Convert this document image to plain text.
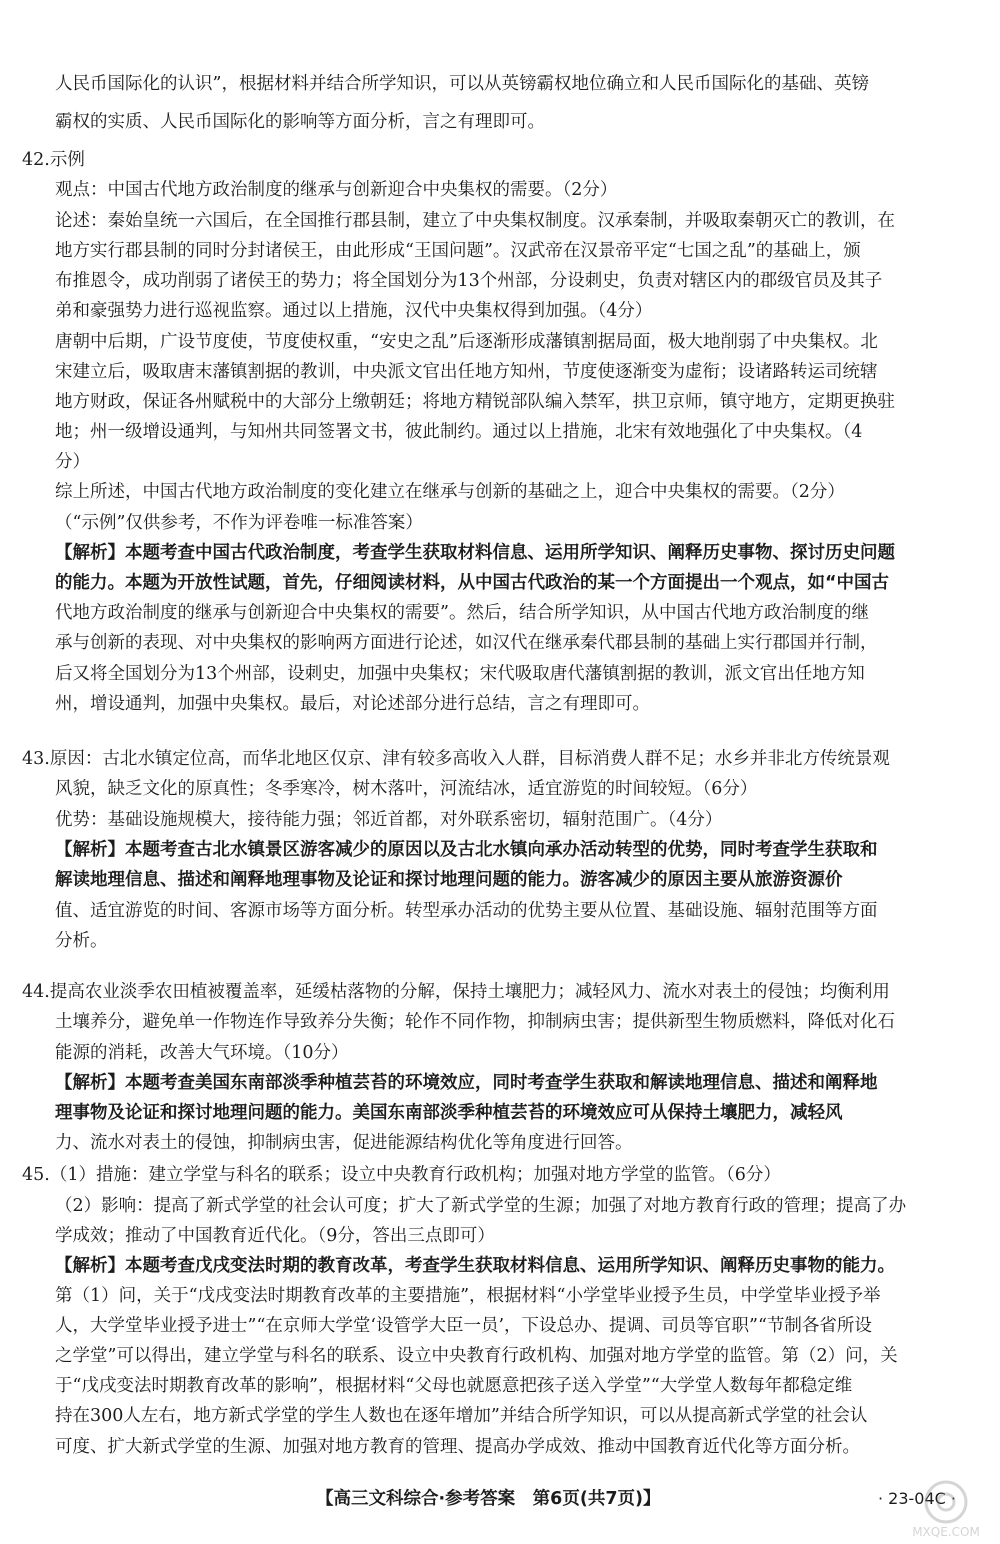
人民币国际化的认识”，根据材料并结合所学知识，可以从英镑霸权地位确立和人民币国际化的基础、英镑
霸权的实质、人民币国际化的影响等方面分析，言之有理即可。
42.示例
观点：中国古代地方政治制度的继承与创新迎合中央集权的需要。（2分）
论述：秦始皇统一六国后，在全国推行郡县制，建立了中央集权制度。汉承秦制，并吸取秦朝灭亡的教训，在
地方实行郡县制的同时分封诸侯王，由此形成“王国问题”。汉武帝在汉景帝平定“七国之乱”的基础上，颁
布推恩令，成功削弱了诸侯王的势力；将全国划分为13个州部，分设刺史，负责对辖区内的郡级官员及其子
弟和豪强势力进行巡视监察。通过以上措施，汉代中央集权得到加强。（4分）
唐朝中后期，广设节度使，节度使权重，“安史之乱”后逐渐形成藩镇割据局面，极大地削弱了中央集权。北
宋建立后，吸取唐末藩镇割据的教训，中央派文官出任地方知州，节度使逐渐变为虚衔；设诸路转运司统辖
地方财政，保证各州赋税中的大部分上缴朝廷；将地方精锐部队编入禁军，拱卫京师，镇守地方，定期更换驻
地；州一级增设通判，与知州共同签署文书，彼此制约。通过以上措施，北宋有效地强化了中央集权。（4
分）
综上所述，中国古代地方政治制度的变化建立在继承与创新的基础之上，迎合中央集权的需要。（2分）
（“示例”仅供参考，不作为评卷唯一标准答案）
【解析】本题考查中国古代政治制度，考查学生获取材料信息、运用所学知识、阐释历史事物、探讨历史问题
的能力。本题为开放性试题，首先，仔细阅读材料，从中国古代政治的某一个方面提出一个观点，如“中国古
代地方政治制度的继承与创新迎合中央集权的需要”。然后，结合所学知识，从中国古代地方政治制度的继
承与创新的表现、对中央集权的影响两方面进行论述，如汉代在继承秦代郡县制的基础上实行郡国并行制，
后又将全国划分为13个州部，设刺史，加强中央集权；宋代吸取唐代藩镇割据的教训，派文官出任地方知
州，增设通判，加强中央集权。最后，对论述部分进行总结，言之有理即可。
43.原因：古北水镇定位高，而华北地区仅京、津有较多高收入人群，目标消费人群不足；水乡并非北方传统景观
风貌，缺乏文化的原真性；冬季寒冷，树木落叶，河流结冰，适宜游览的时间较短。（6分）
优势：基础设施规模大，接待能力强；邻近首都，对外联系密切，辐射范围广。（4分）
【解析】本题考查古北水镇景区游客减少的原因以及古北水镇向承办活动转型的优势，同时考查学生获取和
解读地理信息、描述和阐释地理事物及论证和探讨地理问题的能力。游客减少的原因主要从旅游资源价
值、适宜游览的时间、客源市场等方面分析。转型承办活动的优势主要从位置、基础设施、辐射范围等方面
分析。
44.提高农业淡季农田植被覆盖率，延缓枯落物的分解，保持土壤肥力；减轻风力、流水对表土的侵蚀；均衡利用
土壤养分，避免单一作物连作导致养分失衡；轮作不同作物，抑制病虫害；提供新型生物质燃料，降低对化石
能源的消耗，改善大气环境。（10分）
【解析】本题考查美国东南部淡季种植芸苔的环境效应，同时考查学生获取和解读地理信息、描述和阐释地
理事物及论证和探讨地理问题的能力。美国东南部淡季种植芸苔的环境效应可从保持土壤肥力，减轻风
力、流水对表土的侵蚀，抑制病虫害，促进能源结构优化等角度进行回答。
45.（1）措施：建立学堂与科名的联系；设立中央教育行政机构；加强对地方学堂的监管。（6分）
（2）影响：提高了新式学堂的社会认可度；扩大了新式学堂的生源；加强了对地方教育行政的管理；提高了办
学成效；推动了中国教育近代化。（9分，答出三点即可）
【解析】本题考查戊戌变法时期的教育改革，考查学生获取材料信息、运用所学知识、阐释历史事物的能力。
第（1）问，关于“戊戌变法时期教育改革的主要措施”，根据材料“小学堂毕业授予生员，中学堂毕业授予举
人，大学堂毕业授予进士”“在京师大学堂‘设管学大臣一员’，下设总办、提调、司员等官职”“节制各省所设
之学堂”可以得出，建立学堂与科名的联系、设立中央教育行政机构、加强对地方学堂的监管。第（2）问，关
于“戊戌变法时期教育改革的影响”，根据材料“父母也就愿意把孩子送入学堂”“大学堂人数每年都稳定维
持在300人左右，地方新式学堂的学生人数也在逐年增加”并结合所学知识，可以从提高新式学堂的社会认
可度、扩大新式学堂的生源、加强对地方教育的管理、提高办学成效、推动中国教育近代化等方面分析。
【高三文科综合·参考答案　第6页(共7页)】	· 23-04C ·
MXQE.COM
